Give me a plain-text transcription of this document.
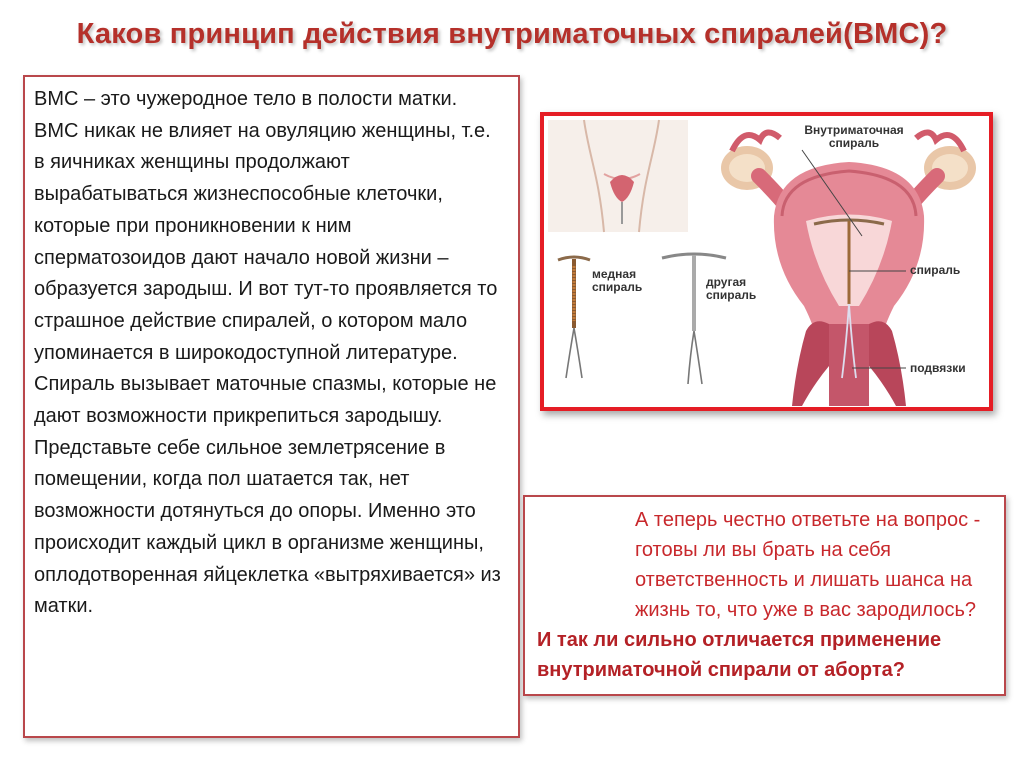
Каков принцип действия внутриматочных спиралей(ВМС)?

ВМС – это чужеродное тело в полости матки. ВМС никак не влияет на овуляцию женщины, т.е. в яичниках женщины продолжают вырабатываться жизнеспособные клеточки, которые при проникновении к ним сперматозоидов дают начало новой жизни – образуется зародыш. И вот тут-то проявляется то страшное действие спиралей, о котором мало упоминается в широкодоступной литературе. Спираль вызывает маточные спазмы, которые не дают возможности прикрепиться зародышу. Представьте себе сильное землетрясение в помещении, когда пол шатается так, нет возможности дотянуться до опоры. Именно это происходит каждый цикл в организме женщины, оплодотворенная яйцеклетка «вытряхивается» из матки.

Внутриматочная спираль
медная спираль	другая спираль
спираль
подвязки

А теперь честно ответьте на вопрос - готовы ли вы брать на себя ответственность и лишать шанса на жизнь то, что уже в вас зародилось?

И так ли сильно отличается применение внутриматочной спирали от аборта?
